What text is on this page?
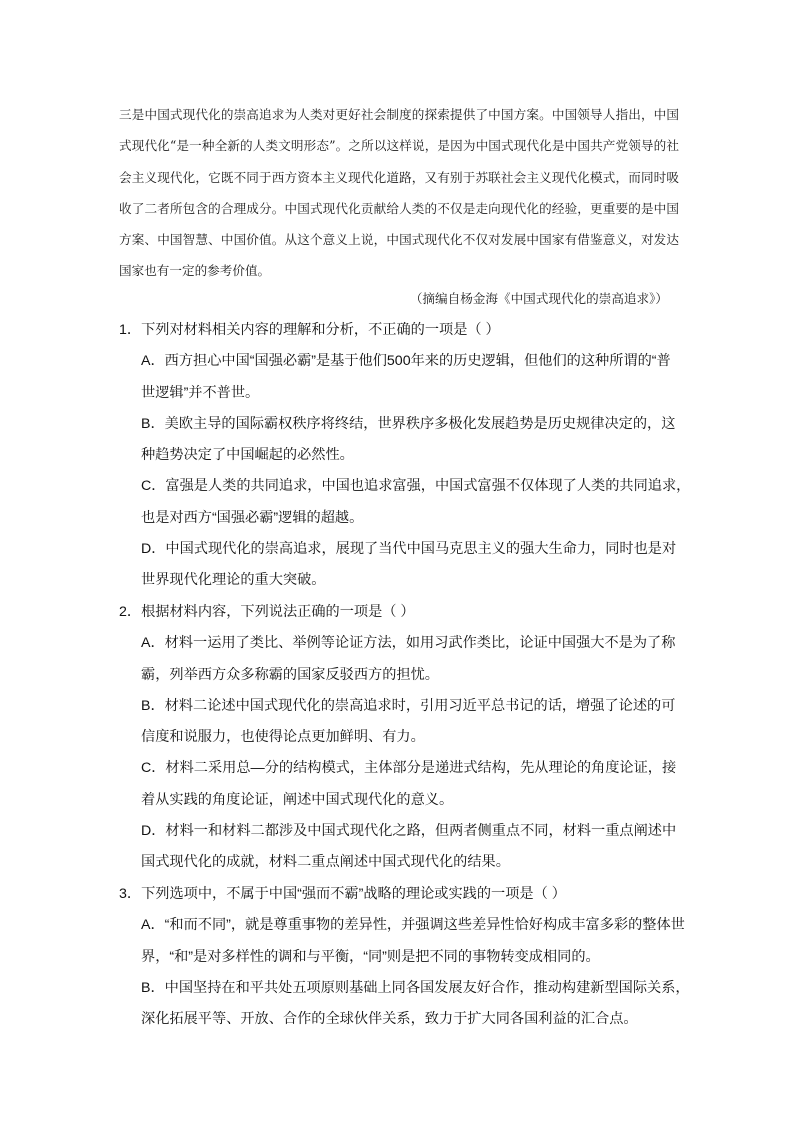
三是中国式现代化的崇高追求为人类对更好社会制度的探索提供了中国方案。中国领导人指出，中国式现代化“是一种全新的人类文明形态”。之所以这样说，是因为中国式现代化是中国共产党领导的社会主义现代化，它既不同于西方资本主义现代化道路，又有别于苏联社会主义现代化模式，而同时吸收了二者所包含的合理成分。中国式现代化贡献给人类的不仅是走向现代化的经验，更重要的是中国方案、中国智慧、中国价值。从这个意义上说，中国式现代化不仅对发展中国家有借鉴意义，对发达国家也有一定的参考价值。
（摘编自杨金海《中国式现代化的崇高追求》）
1．下列对材料相关内容的理解和分析，不正确的一项是（ ）
A．西方担心中国“国强必霸”是基于他们500年来的历史逻辑，但他们的这种所谓的“普
世逻辑”并不普世。
B．美欧主导的国际霸权秩序将终结，世界秩序多极化发展趋势是历史规律决定的，这
种趋势决定了中国崛起的必然性。
C．富强是人类的共同追求，中国也追求富强，中国式富强不仅体现了人类的共同追求，
也是对西方“国强必霸”逻辑的超越。
D．中国式现代化的崇高追求，展现了当代中国马克思主义的强大生命力，同时也是对
世界现代化理论的重大突破。
2．根据材料内容，下列说法正确的一项是（ ）
A．材料一运用了类比、举例等论证方法，如用习武作类比，论证中国强大不是为了称
霸，列举西方众多称霸的国家反驳西方的担忧。
B．材料二论述中国式现代化的崇高追求时，引用习近平总书记的话，增强了论述的可
信度和说服力，也使得论点更加鲜明、有力。
C．材料二采用总—分的结构模式，主体部分是递进式结构，先从理论的角度论证，接
着从实践的角度论证，阐述中国式现代化的意义。
D．材料一和材料二都涉及中国式现代化之路，但两者侧重点不同，材料一重点阐述中
国式现代化的成就，材料二重点阐述中国式现代化的结果。
3．下列选项中，不属于中国“强而不霸”战略的理论或实践的一项是（ ）
A．“和而不同”，就是尊重事物的差异性，并强调这些差异性恰好构成丰富多彩的整体世
界，“和”是对多样性的调和与平衡，“同”则是把不同的事物转变成相同的。
B．中国坚持在和平共处五项原则基础上同各国发展友好合作，推动构建新型国际关系，
深化拓展平等、开放、合作的全球伙伴关系，致力于扩大同各国利益的汇合点。
